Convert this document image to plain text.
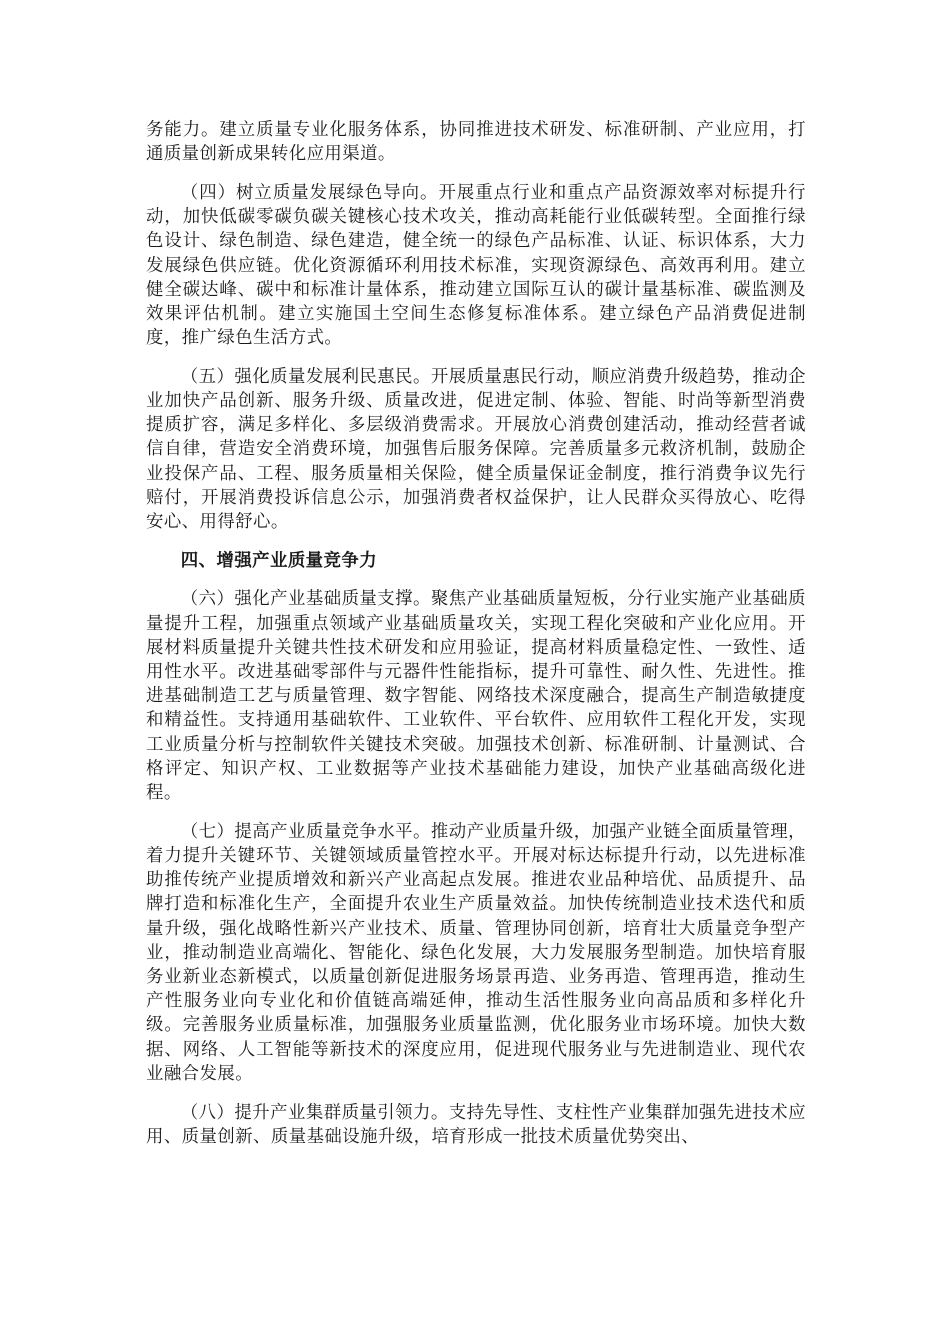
务能力。建立质量专业化服务体系，协同推进技术研发、标准研制、产业应用，打通质量创新成果转化应用渠道。

（四）树立质量发展绿色导向。开展重点行业和重点产品资源效率对标提升行动，加快低碳零碳负碳关键核心技术攻关，推动高耗能行业低碳转型。全面推行绿色设计、绿色制造、绿色建造，健全统一的绿色产品标准、认证、标识体系，大力发展绿色供应链。优化资源循环利用技术标准，实现资源绿色、高效再利用。建立健全碳达峰、碳中和标准计量体系，推动建立国际互认的碳计量基标准、碳监测及效果评估机制。建立实施国土空间生态修复标准体系。建立绿色产品消费促进制度，推广绿色生活方式。

（五）强化质量发展利民惠民。开展质量惠民行动，顺应消费升级趋势，推动企业加快产品创新、服务升级、质量改进，促进定制、体验、智能、时尚等新型消费提质扩容，满足多样化、多层级消费需求。开展放心消费创建活动，推动经营者诚信自律，营造安全消费环境，加强售后服务保障。完善质量多元救济机制，鼓励企业投保产品、工程、服务质量相关保险，健全质量保证金制度，推行消费争议先行赔付，开展消费投诉信息公示，加强消费者权益保护，让人民群众买得放心、吃得安心、用得舒心。

四、增强产业质量竞争力

（六）强化产业基础质量支撑。聚焦产业基础质量短板，分行业实施产业基础质量提升工程，加强重点领域产业基础质量攻关，实现工程化突破和产业化应用。开展材料质量提升关键共性技术研发和应用验证，提高材料质量稳定性、一致性、适用性水平。改进基础零部件与元器件性能指标，提升可靠性、耐久性、先进性。推进基础制造工艺与质量管理、数字智能、网络技术深度融合，提高生产制造敏捷度和精益性。支持通用基础软件、工业软件、平台软件、应用软件工程化开发，实现工业质量分析与控制软件关键技术突破。加强技术创新、标准研制、计量测试、合格评定、知识产权、工业数据等产业技术基础能力建设，加快产业基础高级化进程。

（七）提高产业质量竞争水平。推动产业质量升级，加强产业链全面质量管理，着力提升关键环节、关键领域质量管控水平。开展对标达标提升行动，以先进标准助推传统产业提质增效和新兴产业高起点发展。推进农业品种培优、品质提升、品牌打造和标准化生产，全面提升农业生产质量效益。加快传统制造业技术迭代和质量升级，强化战略性新兴产业技术、质量、管理协同创新，培育壮大质量竞争型产业，推动制造业高端化、智能化、绿色化发展，大力发展服务型制造。加快培育服务业新业态新模式，以质量创新促进服务场景再造、业务再造、管理再造，推动生产性服务业向专业化和价值链高端延伸，推动生活性服务业向高品质和多样化升级。完善服务业质量标准，加强服务业质量监测，优化服务业市场环境。加快大数据、网络、人工智能等新技术的深度应用，促进现代服务业与先进制造业、现代农业融合发展。

（八）提升产业集群质量引领力。支持先导性、支柱性产业集群加强先进技术应用、质量创新、质量基础设施升级，培育形成一批技术质量优势突出、
